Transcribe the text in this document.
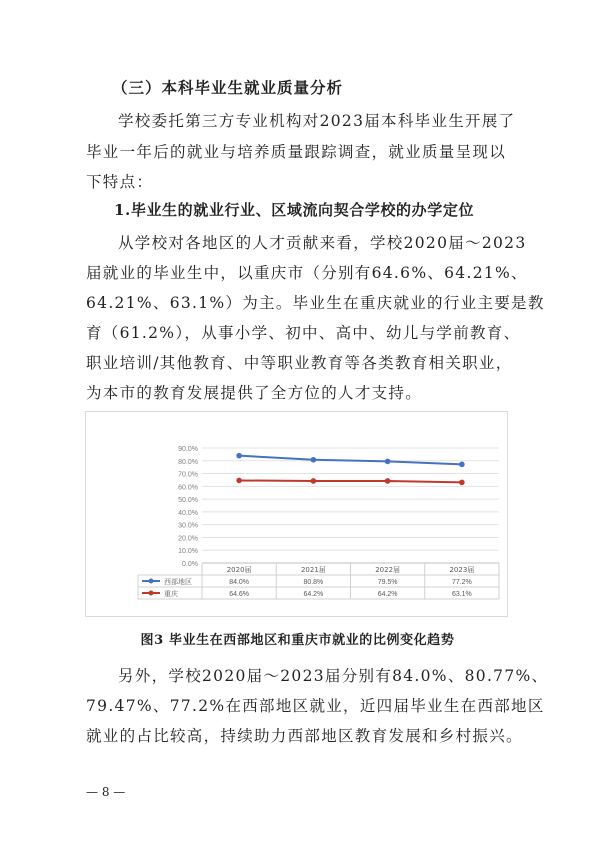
（三）本科毕业生就业质量分析
学校委托第三方专业机构对2023届本科毕业生开展了
毕业一年后的就业与培养质量跟踪调查，就业质量呈现以
下特点：
1.毕业生的就业行业、区域流向契合学校的办学定位
从学校对各地区的人才贡献来看，学校2020届～2023
届就业的毕业生中，以重庆市（分别有64.6%、64.21%、
64.21%、63.1%）为主。毕业生在重庆就业的行业主要是教
育（61.2%），从事小学、初中、高中、幼儿与学前教育、
职业培训/其他教育、中等职业教育等各类教育相关职业，
为本市的教育发展提供了全方位的人才支持。
0.0%
10.0%
20.0%
30.0%
40.0%
50.0%
60.0%
70.0%
80.0%
90.0%
2020届	2021届	2022届	2023届
西部地区	84.0%	80.8%	79.5%	77.2%
重庆	64.6%	64.2%	64.2%	63.1%
图3 毕业生在西部地区和重庆市就业的比例变化趋势
另外，学校2020届～2023届分别有84.0%、80.77%、
79.47%、77.2%在西部地区就业，近四届毕业生在西部地区
就业的占比较高，持续助力西部地区教育发展和乡村振兴。
— 8 —
